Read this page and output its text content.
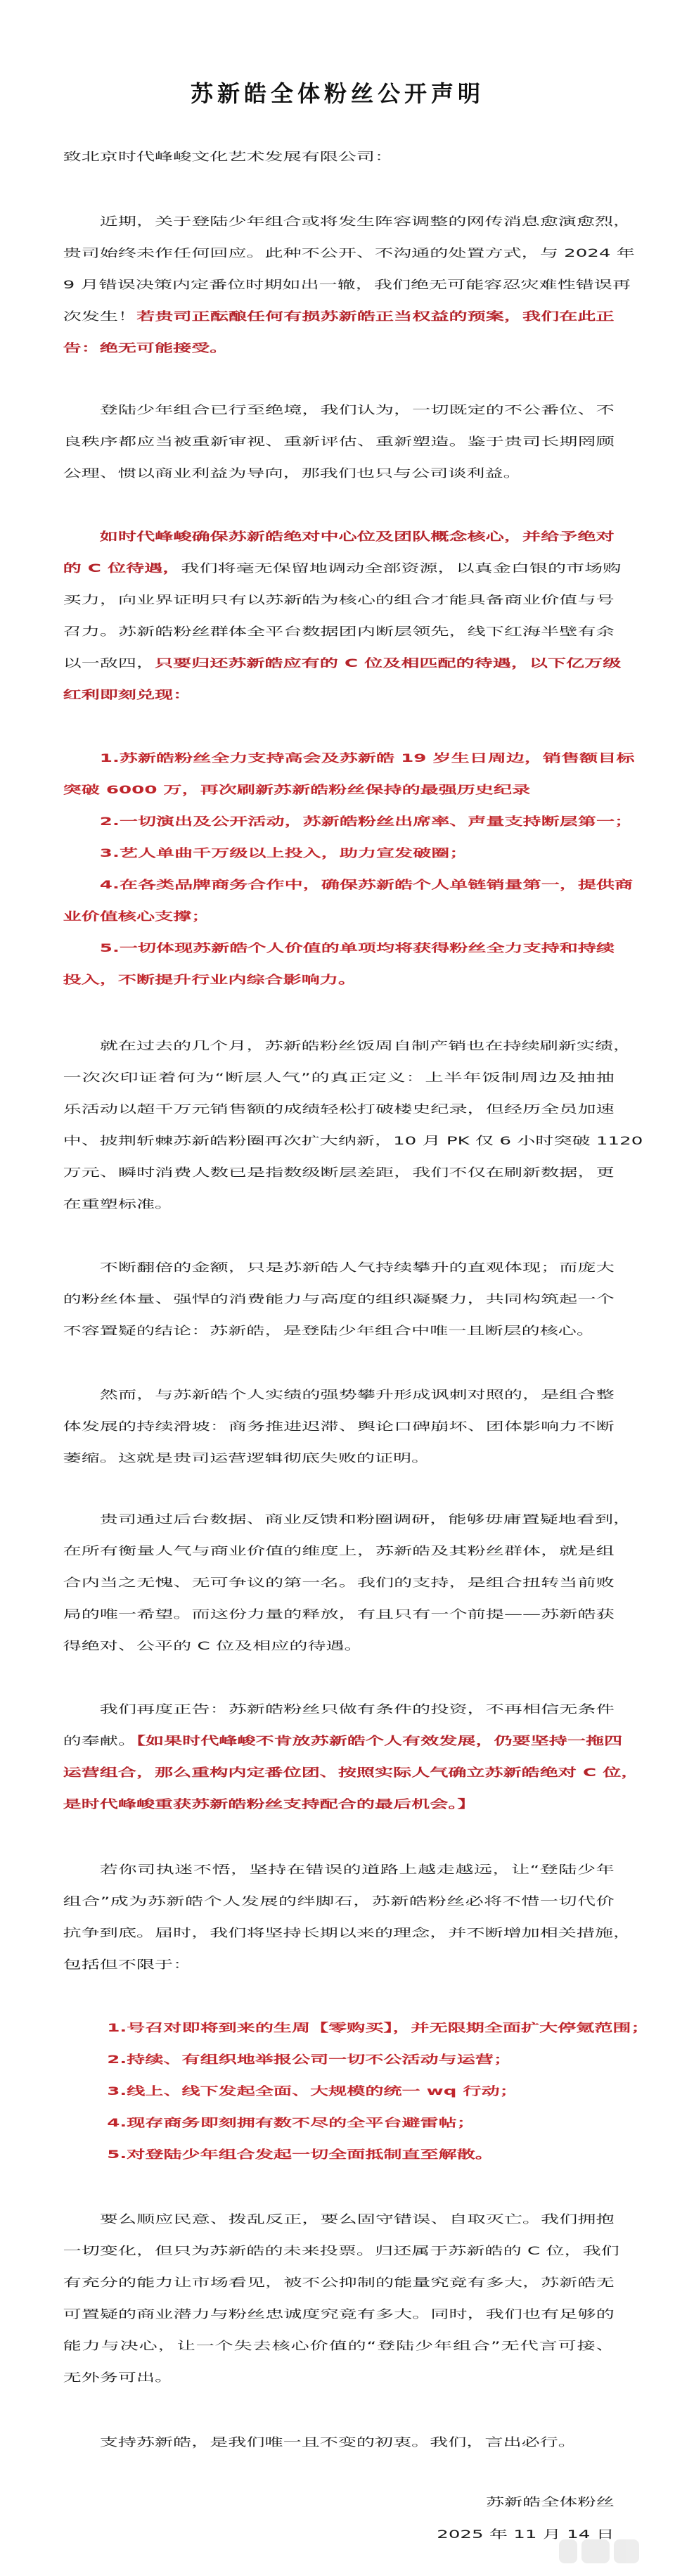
苏新皓全体粉丝公开声明
致北京时代峰峻文化艺术发展有限公司：
近期，关于登陆少年组合或将发生阵容调整的网传消息愈演愈烈，
贵司始终未作任何回应。此种不公开、不沟通的处置方式，与 2024 年
9 月错误决策内定番位时期如出一辙，我们绝无可能容忍灾难性错误再
次发生！若贵司正酝酿任何有损苏新皓正当权益的预案，我们在此正
告：绝无可能接受。
登陆少年组合已行至绝境，我们认为，一切既定的不公番位、不
良秩序都应当被重新审视、重新评估、重新塑造。鉴于贵司长期罔顾
公理、惯以商业利益为导向，那我们也只与公司谈利益。
如时代峰峻确保苏新皓绝对中心位及团队概念核心，并给予绝对
的 C 位待遇，我们将毫无保留地调动全部资源，以真金白银的市场购
买力，向业界证明只有以苏新皓为核心的组合才能具备商业价值与号
召力。苏新皓粉丝群体全平台数据团内断层领先，线下红海半壁有余
以一敌四，只要归还苏新皓应有的 C 位及相匹配的待遇，以下亿万级
红利即刻兑现：
1.苏新皓粉丝全力支持高会及苏新皓 19 岁生日周边，销售额目标
突破 6000 万，再次刷新苏新皓粉丝保持的最强历史纪录
2.一切演出及公开活动，苏新皓粉丝出席率、声量支持断层第一；
3.艺人单曲千万级以上投入，助力宣发破圈；
4.在各类品牌商务合作中，确保苏新皓个人单链销量第一，提供商
业价值核心支撑；
5.一切体现苏新皓个人价值的单项均将获得粉丝全力支持和持续
投入，不断提升行业内综合影响力。
就在过去的几个月，苏新皓粉丝饭周自制产销也在持续刷新实绩，
一次次印证着何为“断层人气”的真正定义：上半年饭制周边及抽抽
乐活动以超千万元销售额的成绩轻松打破楼史纪录，但经历全员加速
中、披荆斩棘苏新皓粉圈再次扩大纳新，10 月 PK 仅 6 小时突破 1120
万元、瞬时消费人数已是指数级断层差距，我们不仅在刷新数据，更
在重塑标准。
不断翻倍的金额，只是苏新皓人气持续攀升的直观体现；而庞大
的粉丝体量、强悍的消费能力与高度的组织凝聚力，共同构筑起一个
不容置疑的结论：苏新皓，是登陆少年组合中唯一且断层的核心。
然而，与苏新皓个人实绩的强势攀升形成讽刺对照的，是组合整
体发展的持续滑坡：商务推进迟滞、舆论口碑崩坏、团体影响力不断
萎缩。这就是贵司运营逻辑彻底失败的证明。
贵司通过后台数据、商业反馈和粉圈调研，能够毋庸置疑地看到，
在所有衡量人气与商业价值的维度上，苏新皓及其粉丝群体，就是组
合内当之无愧、无可争议的第一名。我们的支持，是组合扭转当前败
局的唯一希望。而这份力量的释放，有且只有一个前提——苏新皓获
得绝对、公平的 C 位及相应的待遇。
我们再度正告：苏新皓粉丝只做有条件的投资，不再相信无条件
的奉献。【如果时代峰峻不肯放苏新皓个人有效发展，仍要坚持一拖四
运营组合，那么重构内定番位团、按照实际人气确立苏新皓绝对 C 位，
是时代峰峻重获苏新皓粉丝支持配合的最后机会。】
若你司执迷不悟，坚持在错误的道路上越走越远，让“登陆少年
组合”成为苏新皓个人发展的绊脚石，苏新皓粉丝必将不惜一切代价
抗争到底。届时，我们将坚持长期以来的理念，并不断增加相关措施，
包括但不限于：
1.号召对即将到来的生周【零购买】，并无限期全面扩大停氪范围；
2.持续、有组织地举报公司一切不公活动与运营；
3.线上、线下发起全面、大规模的统一 wq 行动；
4.现存商务即刻拥有数不尽的全平台避雷帖；
5.对登陆少年组合发起一切全面抵制直至解散。
要么顺应民意、拨乱反正，要么固守错误、自取灭亡。我们拥抱
一切变化，但只为苏新皓的未来投票。归还属于苏新皓的 C 位，我们
有充分的能力让市场看见，被不公抑制的能量究竟有多大，苏新皓无
可置疑的商业潜力与粉丝忠诚度究竟有多大。同时，我们也有足够的
能力与决心，让一个失去核心价值的“登陆少年组合”无代言可接、
无外务可出。
支持苏新皓，是我们唯一且不变的初衷。我们，言出必行。
苏新皓全体粉丝
2025 年 11 月 14 日
